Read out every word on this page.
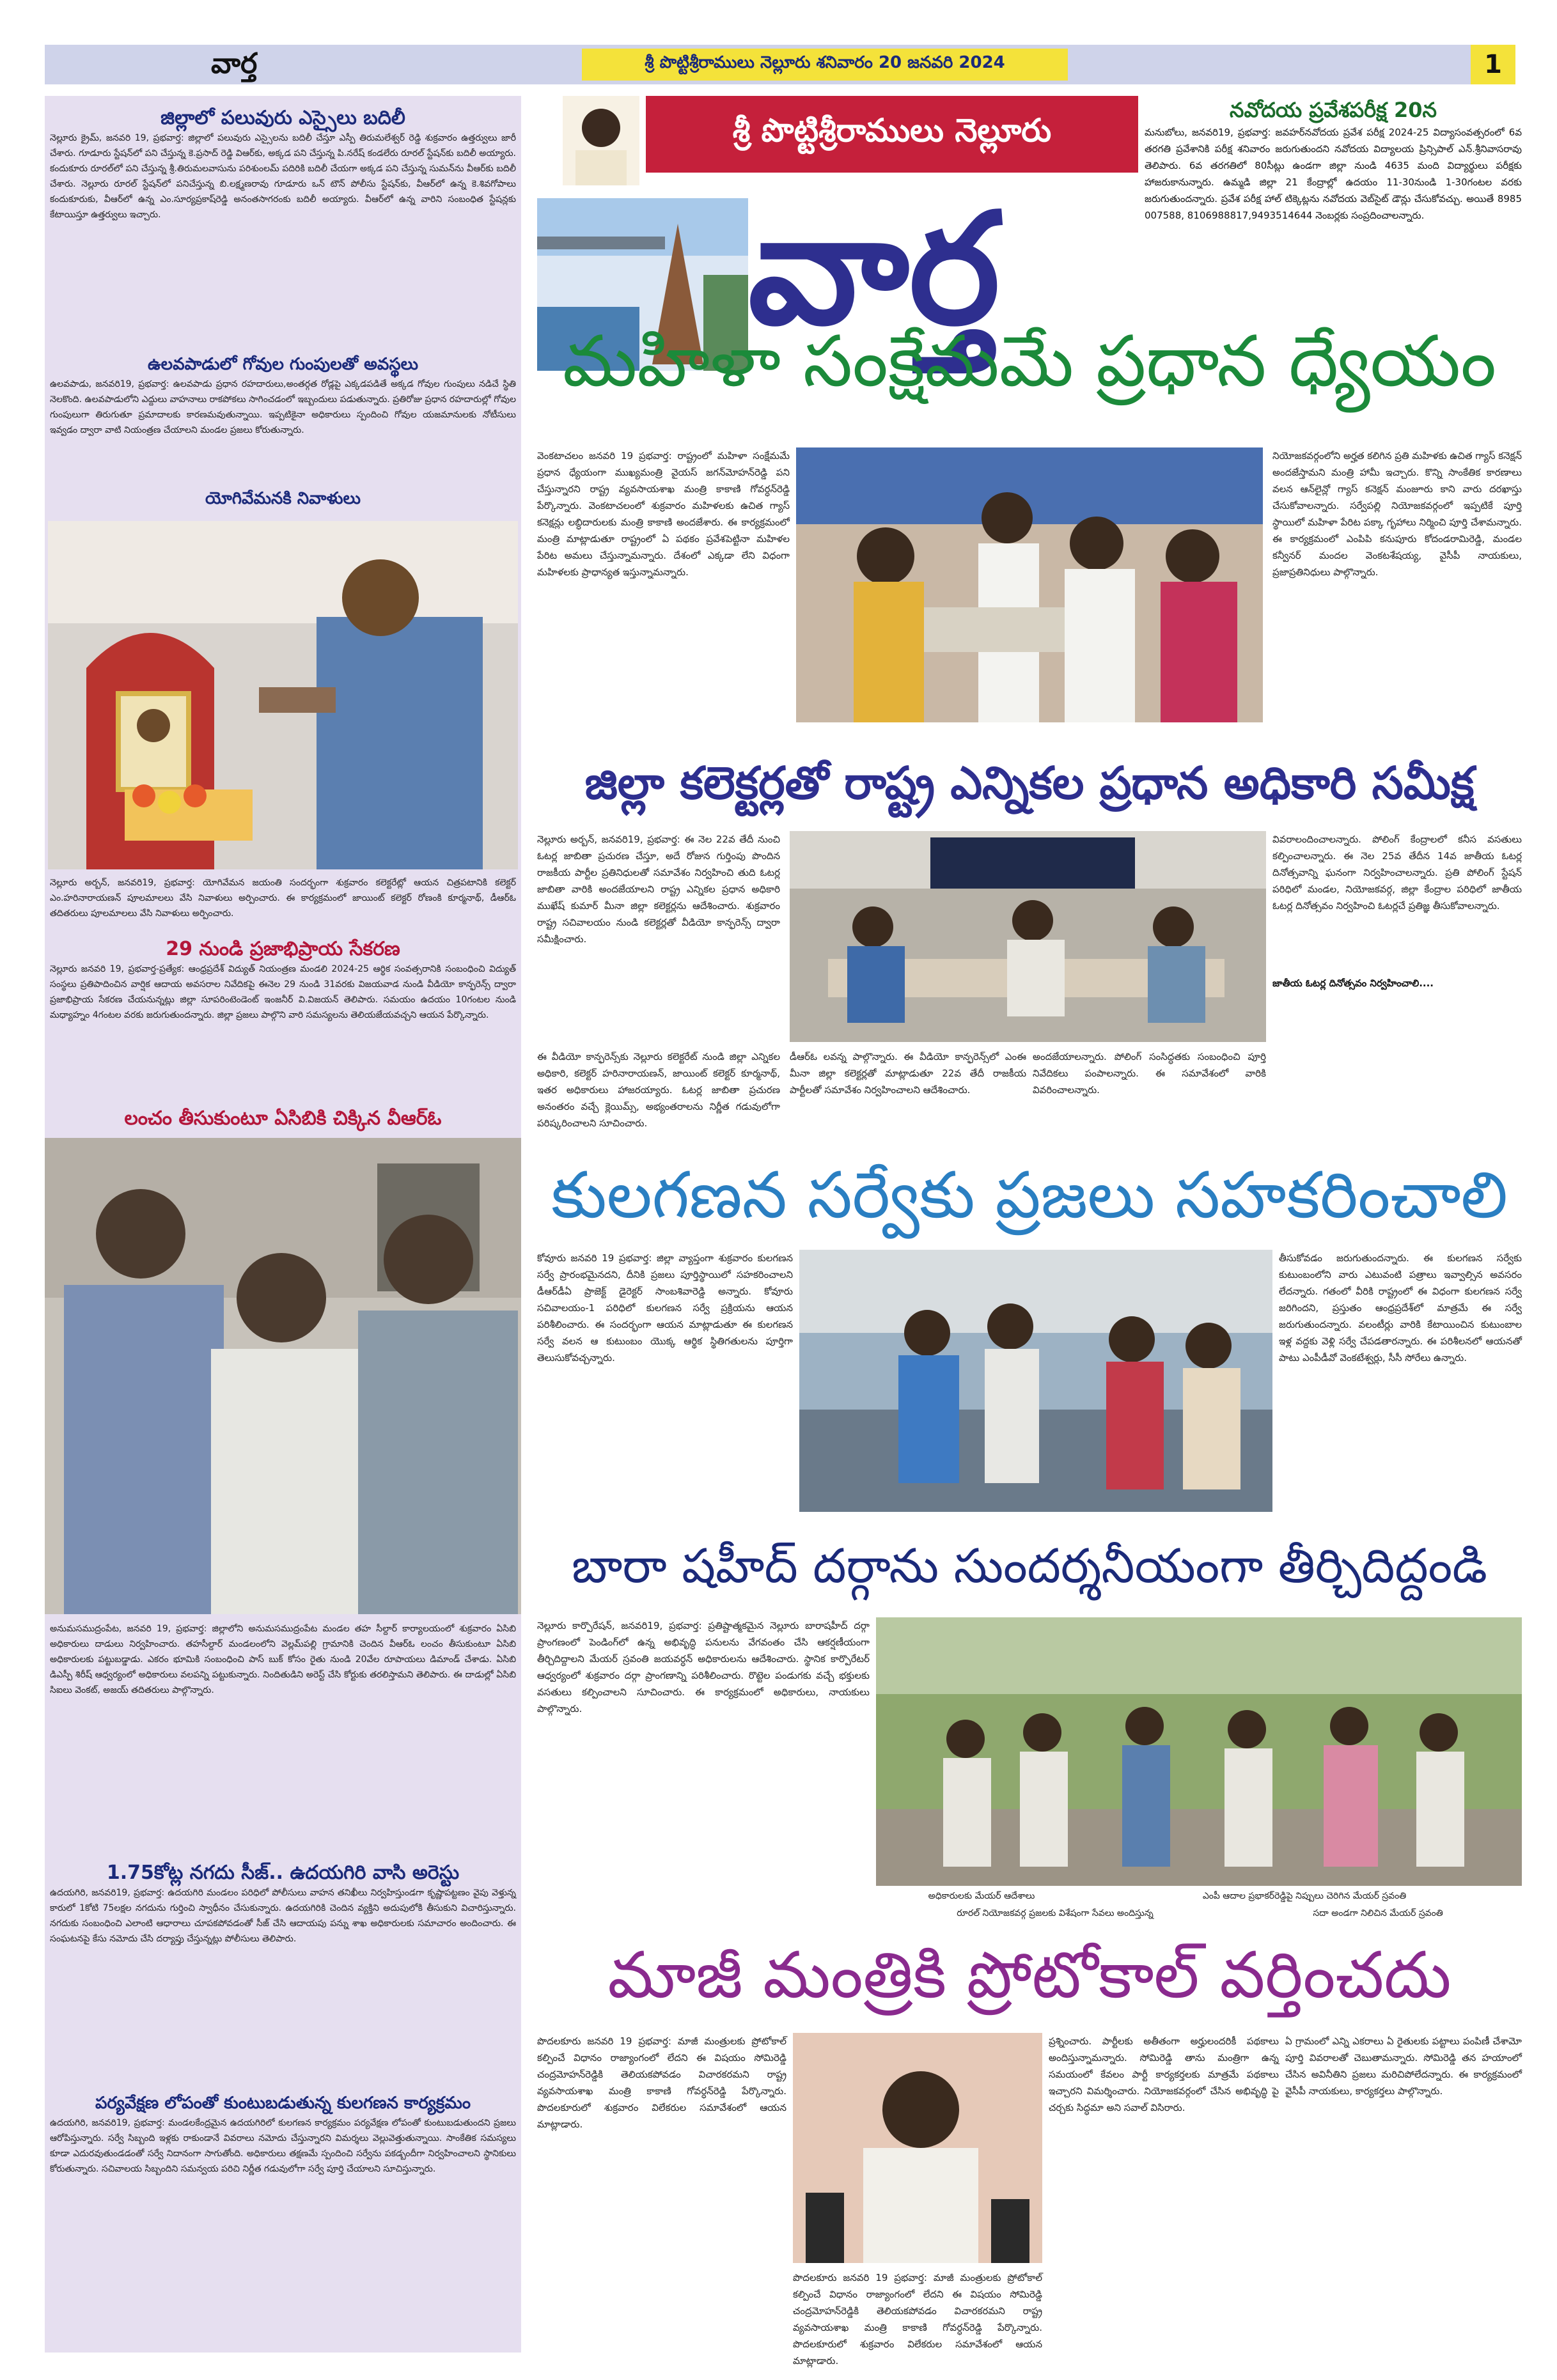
వార్త	శ్రీ పొట్టిశ్రీరాములు నెల్లూరు శనివారం 20 జనవరి 2024	1
జిల్లాలో పలువురు ఎస్సైలు బదిలీ
నెల్లూరు క్రైమ్, జనవరి 19, ప్రభవార్త: జిల్లాలో పలువురు ఎస్సైలను బదిలీ చేస్తూ ఎస్పీ తిరుమలేశ్వర్ రెడ్డి శుక్రవారం ఉత్తర్వులు జారీ చేశారు. గూడూరు స్టేషన్‌లో పని చేస్తున్న కె.ప్రసాద్ రెడ్డి విఆర్‌కు, అక్కడ పని చేస్తున్న పి.నరేష్ కండలేరు రూరల్ స్టేషన్‌కు బదిలీ అయ్యారు. కందుకూరు రూరల్‌లో పని చేస్తున్న శ్రీ.తిరుమలవాసును పరిశుంలమ్ పదిరికి బదిలీ చేయగా అక్కడ పని చేస్తున్న సుమన్‌ను వీఆర్‌కు బదిలీ చేశారు. నెల్లూరు రూరల్ స్టేషన్‌లో పనిచేస్తున్న బి.లక్ష్మణరావు గూడూరు ఒన్ టౌన్ పోలీసు స్టేషన్‌కు, వీఆర్‌లో ఉన్న కె.శివగోపాలు కందుకూరుకు, వీఆర్‌లో ఉన్న ఎం.సూర్యప్రకాష్‌రెడ్డి అనంతసాగరంకు బదిలీ అయ్యారు. వీఆర్‌లో ఉన్న వారిని సంబంధిత స్టేషన్లకు కేటాయిస్తూ ఉత్తర్వులు ఇచ్చారు.
ఉలవపాడులో గోవుల గుంపులతో అవస్థలు
ఉలవపాడు, జనవరి19, ప్రభవార్త: ఉలవపాడు ప్రధాన రహదారులు,అంతర్గత రోడ్లపై ఎక్కడపడితే అక్కడ గోవుల గుంపులు నడిచే స్థితి నెలకొంది. ఉలవపాడులోని ఎద్దులు వాహనాలు రాకపోకలు సాగించడంలో ఇబ్బందులు పడుతున్నారు. ప్రతిరోజు ప్రధాన రహదారుల్లో గోవుల గుంపులుగా తిరుగుతూ ప్రమాదాలకు కారణమవుతున్నాయి. ఇప్పటికైనా అధికారులు స్పందించి గోవుల యజమానులకు నోటీసులు ఇవ్వడం ద్వారా వాటి నియంత్రణ చేయాలని మండల ప్రజలు కోరుతున్నారు.
యోగివేమనకి నివాళులు
నెల్లూరు అర్బన్, జనవరి19, ప్రభవార్త: యోగివేమన జయంతి సందర్భంగా శుక్రవారం కలెక్టరేట్లో ఆయన చిత్రపటానికి కలెక్టర్ ఎం.హరినారాయణన్ పూలమాలలు వేసి నివాళులు అర్పించారు. ఈ కార్యక్రమంలో జాయింట్ కలెక్టర్ రోణంకి కూర్మనాథ్, డీఆర్‌ఓ తదితరులు పూలమాలలు వేసి నివాళులు అర్పించారు.
29 నుండి ప్రజాభిప్రాయ సేకరణ
నెల్లూరు జనవరి 19, ప్రభవార్త-ప్రత్యేక: ఆంధ్రప్రదేశ్ విద్యుత్ నియంత్రణ మండలి 2024-25 ఆర్థిక సంవత్సరానికి సంబంధించి విద్యుత్ సంస్థలు ప్రతిపాదించిన వార్షిక ఆదాయ అవసరాల నివేదికపై ఈనెల 29 నుండి 31వరకు విజయవాడ నుండి వీడియో కాన్ఫరెన్స్ ద్వారా ప్రజాభిప్రాయ సేకరణ చేయనున్నట్లు జిల్లా సూపరింటెండెంట్ ఇంజనీర్ వి.విజయన్ తెలిపారు. సమయం ఉదయం 10గంటల నుండి మధ్యాహ్నం 4గంటల వరకు జరుగుతుందన్నారు. జిల్లా ప్రజలు పాల్గొని వారి సమస్యలను తెలియజేయవచ్చని ఆయన పేర్కొన్నారు.
లంచం తీసుకుంటూ ఏసిబికి చిక్కిన వీఆర్ఓ
అనుమసముద్రంపేట, జనవరి 19, ప్రభవార్త: జిల్లాలోని అనుమసముద్రంపేట మండల తహ సీల్దార్ కార్యాలయంలో శుక్రవారం ఏసిబి అధికారులు దాడులు నిర్వహించారు. తహసీల్దార్ మండలంలోని వెల్లమ్‌పల్లి గ్రామానికి చెందిన వీఆర్ఓ లంచం తీసుకుంటూ ఏసిబి అధికారులకు పట్టుబడ్డాడు. ఎకరం భూమికి సంబంధించి పాస్ బుక్ కోసం రైతు నుండి 20వేల రూపాయలు డిమాండ్ చేశాడు. ఏసిబి డిఎస్పీ శిరీష్ ఆధ్వర్యంలో అధికారులు వలపన్ని పట్టుకున్నారు. నిందితుడిని అరెస్ట్ చేసి కోర్టుకు తరలిస్తామని తెలిపారు. ఈ దాడుల్లో ఏసిబి సిఐలు వెంకట్, అజయ్ తదితరులు పాల్గొన్నారు.
1.75కోట్ల నగదు సీజ్.. ఉదయగిరి వాసి అరెస్టు
ఉదయగిరి, జనవరి19, ప్రభవార్త: ఉదయగిరి మండలం పరిధిలో పోలీసులు వాహన తనిఖీలు నిర్వహిస్తుండగా కృష్ణాపట్టణం వైపు వెళ్తున్న కారులో 1కోటి 75లక్షల నగదును గుర్తించి స్వాధీనం చేసుకున్నారు. ఉదయగిరికి చెందిన వ్యక్తిని అదుపులోకి తీసుకుని విచారిస్తున్నారు. నగదుకు సంబంధించి ఎలాంటి ఆధారాలు చూపకపోవడంతో సీజ్ చేసి ఆదాయపు పన్ను శాఖ అధికారులకు సమాచారం అందించారు. ఈ సంఘటనపై కేసు నమోదు చేసి దర్యాప్తు చేస్తున్నట్లు పోలీసులు తెలిపారు.
పర్యవేక్షణ లోపంతో కుంటుబడుతున్న కులగణన కార్యక్రమం
ఉదయగిరి, జనవరి19, ప్రభవార్త: మండలకేంద్రమైన ఉదయగిరిలో కులగణన కార్యక్రమం పర్యవేక్షణ లోపంతో కుంటుబడుతుందని ప్రజలు ఆరోపిస్తున్నారు. సర్వే సిబ్బంది ఇళ్లకు రాకుండానే వివరాలు నమోదు చేస్తున్నారని విమర్శలు వెల్లువెత్తుతున్నాయి. సాంకేతిక సమస్యలు కూడా ఎదురవుతుండడంతో సర్వే నిదానంగా సాగుతోంది. అధికారులు తక్షణమే స్పందించి సర్వేను పకడ్బందీగా నిర్వహించాలని స్థానికులు కోరుతున్నారు. సచివాలయ సిబ్బందిని సమన్వయ పరిచి నిర్ణీత గడువులోగా సర్వే పూర్తి చేయాలని సూచిస్తున్నారు.
శ్రీ పొట్టిశ్రీరాములు నెల్లూరు
వార్త
నవోదయ ప్రవేశపరీక్ష 20న
మనుబోలు, జనవరి19, ప్రభవార్త: జవహర్‌నవోదయ ప్రవేశ పరీక్ష 2024-25 విద్యాసంవత్సరంలో 6వ తరగతి ప్రవేశానికి పరీక్ష శనివారం జరుగుతుందని నవోదయ విద్యాలయ ప్రిన్సిపాల్ ఎన్.శ్రీనివాసరావు తెలిపారు. 6వ తరగతిలో 80సీట్లు ఉండగా జిల్లా నుండి 4635 మంది విద్యార్థులు పరీక్షకు హాజరుకానున్నారు. ఉమ్మడి జిల్లా 21 కేంద్రాల్లో ఉదయం 11-30నుండి 1-30గంటల వరకు జరుగుతుందన్నారు. ప్రవేశ పరీక్ష హాల్ టిక్కెట్లను నవోదయ వెబ్‌సైట్ డౌన్లు చేసుకోవచ్చు. అయితే 8985 007588, 8106988817,9493514644 నెంబర్లకు సంప్రదించాలన్నారు.
మహిళా సంక్షేమమే ప్రధాన ధ్యేయం
వెంకటాచలం జనవరి 19 ప్రభవార్త: రాష్ట్రంలో మహిళా సంక్షేమమే ప్రధాన ధ్యేయంగా ముఖ్యమంత్రి వైయస్ జగన్‌మోహన్‌రెడ్డి పని చేస్తున్నారని రాష్ట్ర వ్యవసాయశాఖ మంత్రి కాకాణి గోవర్ధన్‌రెడ్డి పేర్కొన్నారు. వెంకటాచలంలో శుక్రవారం మహిళలకు ఉచిత గ్యాస్ కనెక్షన్లు లబ్ధిదారులకు మంత్రి కాకాణి అందజేశారు. ఈ కార్యక్రమంలో మంత్రి మాట్లాడుతూ రాష్ట్రంలో ఏ పథకం ప్రవేశపెట్టినా మహిళల పేరిట అమలు చేస్తున్నామన్నారు. దేశంలో ఎక్కడా లేని విధంగా మహిళలకు ప్రాధాన్యత ఇస్తున్నామన్నారు.
నియోజకవర్గంలోని అర్హత కలిగిన ప్రతి మహిళకు ఉచిత గ్యాస్ కనెక్షన్ అందజేస్తామని మంత్రి హామీ ఇచ్చారు. కొన్ని సాంకేతిక కారణాలు వలన ఆన్‌లైన్లో గ్యాస్ కనెక్షన్ మంజూరు కాని వారు దరఖాస్తు చేసుకోవాలన్నారు. సర్వేపల్లి నియోజకవర్గంలో ఇప్పటికే పూర్తి స్థాయిలో మహిళా పేరిట పక్కా గృహాలు నిర్మించి పూర్తి చేశామన్నారు. ఈ కార్యక్రమంలో ఎంపిపి కనుపూరు కోదండరామిరెడ్డి, మండల కన్వీనర్ మందల వెంకటశేషయ్య, వైసీపీ నాయకులు, ప్రజాప్రతినిధులు పాల్గొన్నారు.
జిల్లా కలెక్టర్లతో రాష్ట్ర ఎన్నికల ప్రధాన అధికారి సమీక్ష
నెల్లూరు అర్బన్, జనవరి19, ప్రభవార్త: ఈ నెల 22వ తేదీ నుంచి ఓటర్ల జాబితా ప్రచురణ చేస్తూ, అదే రోజున గుర్తింపు పొందిన రాజకీయ పార్టీల ప్రతినిధులతో సమావేశం నిర్వహించి తుది ఓటర్ల జాబితా వారికి అందజేయాలని రాష్ట్ర ఎన్నికల ప్రధాన అధికారి ముఖేష్ కుమార్ మీనా జిల్లా కలెక్టర్లను ఆదేశించారు. శుక్రవారం రాష్ట్ర సచివాలయం నుండి కలెక్టర్లతో వీడియో కాన్ఫరెన్స్ ద్వారా సమీక్షించారు.
వివరాలందించాలన్నారు. పోలింగ్ కేంద్రాలలో కనీస వసతులు కల్పించాలన్నారు. ఈ నెల 25వ తేదీన 14వ జాతీయ ఓటర్ల దినోత్సవాన్ని ఘనంగా నిర్వహించాలన్నారు. ప్రతి పోలింగ్ స్టేషన్ పరిధిలో మండల, నియోజకవర్గ, జిల్లా కేంద్రాల పరిధిలో జాతీయ ఓటర్ల దినోత్సవం నిర్వహించి ఓటర్లచే ప్రతిజ్ఞ తీసుకోవాలన్నారు.
జాతీయ ఓటర్ల దినోత్సవం నిర్వహించాలి....
ఈ వీడియో కాన్ఫరెన్స్‌కు నెల్లూరు కలెక్టరేట్ నుండి జిల్లా ఎన్నికల అధికారి, కలెక్టర్ హరినారాయణన్, జాయింట్ కలెక్టర్ కూర్మనాథ్, ఇతర అధికారులు హాజరయ్యారు. ఓటర్ల జాబితా ప్రచురణ అనంతరం వచ్చే క్లెయిమ్స్, అభ్యంతరాలను నిర్ణీత గడువులోగా పరిష్కరించాలని సూచించారు.
డీఆర్‌ఓ లవన్న పాల్గొన్నారు. ఈ వీడియో కాన్ఫరెన్స్‌లో ఎంఈ మీనా జిల్లా కలెక్టర్లతో మాట్లాడుతూ 22వ తేదీ రాజకీయ పార్టీలతో సమావేశం నిర్వహించాలని ఆదేశించారు.
అందజేయాలన్నారు. పోలింగ్ సంసిద్ధతకు సంబంధించి పూర్తి నివేదికలు పంపాలన్నారు. ఈ సమావేశంలో వారికి వివరించాలన్నారు.
కులగణన సర్వేకు ప్రజలు సహకరించాలి
కోవూరు జనవరి 19 ప్రభవార్త: జిల్లా వ్యాప్తంగా శుక్రవారం కులగణన సర్వే ప్రారంభమైనదని, దీనికి ప్రజలు పూర్తిస్థాయిలో సహకరించాలని డీఆర్‌డీఏ ప్రాజెక్ట్ డైరెక్టర్ సాంబశివారెడ్డి అన్నారు. కోవూరు సచివాలయం-1 పరిధిలో కులగణన సర్వే ప్రక్రియను ఆయన పరిశీలించారు. ఈ సందర్భంగా ఆయన మాట్లాడుతూ ఈ కులగణన సర్వే వలన ఆ కుటుంబం యొక్క ఆర్థిక స్థితిగతులను పూర్తిగా తెలుసుకోవచ్చన్నారు.
తీసుకోవడం జరుగుతుందన్నారు. ఈ కులగణన సర్వేకు కుటుంబంలోని వారు ఎటువంటి పత్రాలు ఇవ్వాల్సిన అవసరం లేదన్నారు. గతంలో వీరికి రాష్ట్రంలో ఈ విధంగా కులగణన సర్వే జరిగిందని, ప్రస్తుతం ఆంధ్రప్రదేశ్‌లో మాత్రమే ఈ సర్వే జరుగుతుందన్నారు. వలంటీర్లు వారికి కేటాయించిన కుటుంబాల ఇళ్ల వద్దకు వెళ్లి సర్వే చేపడతారన్నారు. ఈ పరిశీలనలో ఆయనతో పాటు ఎంపీడీవో వెంకటేశ్వర్లు, సీసీ సోరేలు ఉన్నారు.
బారా షహీద్ దర్గాను సుందర్శనీయంగా తీర్చిదిద్దండి
నెల్లూరు కార్పొరేషన్, జనవరి19, ప్రభవార్త: ప్రతిష్టాత్మకమైన నెల్లూరు బారాషహీద్ దర్గా ప్రాంగణంలో పెండింగ్‌లో ఉన్న అభివృద్ధి పనులను వేగవంతం చేసి ఆకర్షణీయంగా తీర్చిదిద్దాలని మేయర్ స్రవంతి జయవర్ధన్ అధికారులను ఆదేశించారు. స్థానిక కార్పొరేటర్ ఆధ్వర్యంలో శుక్రవారం దర్గా ప్రాంగణాన్ని పరిశీలించారు. రొట్టెల పండుగకు వచ్చే భక్తులకు వసతులు కల్పించాలని సూచించారు. ఈ కార్యక్రమంలో అధికారులు, నాయకులు పాల్గొన్నారు.
అధికారులకు మేయర్ ఆదేశాలు	ఎంపీ ఆదాల ప్రభాకర్‌రెడ్డిపై నిప్పులు చెరిగిన మేయర్ స్రవంతి
రూరల్ నియోజకవర్గ ప్రజలకు విశేషంగా సేవలు అందిస్తున్న	సదా అండగా నిలిచిన మేయర్ స్రవంతి
మాజీ మంత్రికి ప్రోటోకాల్ వర్తించదు
పొదలకూరు జనవరి 19 ప్రభవార్త: మాజీ మంత్రులకు ప్రోటోకాల్ కల్పించే విధానం రాజ్యాంగంలో లేదని ఈ విషయం సోమిరెడ్డి చంద్రమోహన్‌రెడ్డికి తెలియకపోవడం విచారకరమని రాష్ట్ర వ్యవసాయశాఖ మంత్రి కాకాణి గోవర్ధన్‌రెడ్డి పేర్కొన్నారు. పొదలకూరులో శుక్రవారం విలేకరుల సమావేశంలో ఆయన మాట్లాడారు.
పొదలకూరు జనవరి 19 ప్రభవార్త: మాజీ మంత్రులకు ప్రోటోకాల్ కల్పించే విధానం రాజ్యాంగంలో లేదని ఈ విషయం సోమిరెడ్డి చంద్రమోహన్‌రెడ్డికి తెలియకపోవడం విచారకరమని రాష్ట్ర వ్యవసాయశాఖ మంత్రి కాకాణి గోవర్ధన్‌రెడ్డి పేర్కొన్నారు. పొదలకూరులో శుక్రవారం విలేకరుల సమావేశంలో ఆయన మాట్లాడారు.
ప్రశ్నించారు. పార్టీలకు అతీతంగా అర్హులందరికీ పథకాలు అందిస్తున్నామన్నారు. సోమిరెడ్డి తాను మంత్రిగా ఉన్న సమయంలో కేవలం పార్టీ కార్యకర్తలకు మాత్రమే పథకాలు ఇచ్చారని విమర్శించారు. నియోజకవర్గంలో చేసిన అభివృద్ధి పై చర్చకు సిద్ధమా అని సవాల్ విసిరారు.
ఏ గ్రామంలో ఎన్ని ఎకరాలు ఏ రైతులకు పట్టాలు పంపిణీ చేశామో పూర్తి వివరాలతో చెబుతామన్నారు. సోమిరెడ్డి తన హయాంలో చేసిన అవినీతిని ప్రజలు మరిచిపోలేదన్నారు. ఈ కార్యక్రమంలో వైసీపీ నాయకులు, కార్యకర్తలు పాల్గొన్నారు.
